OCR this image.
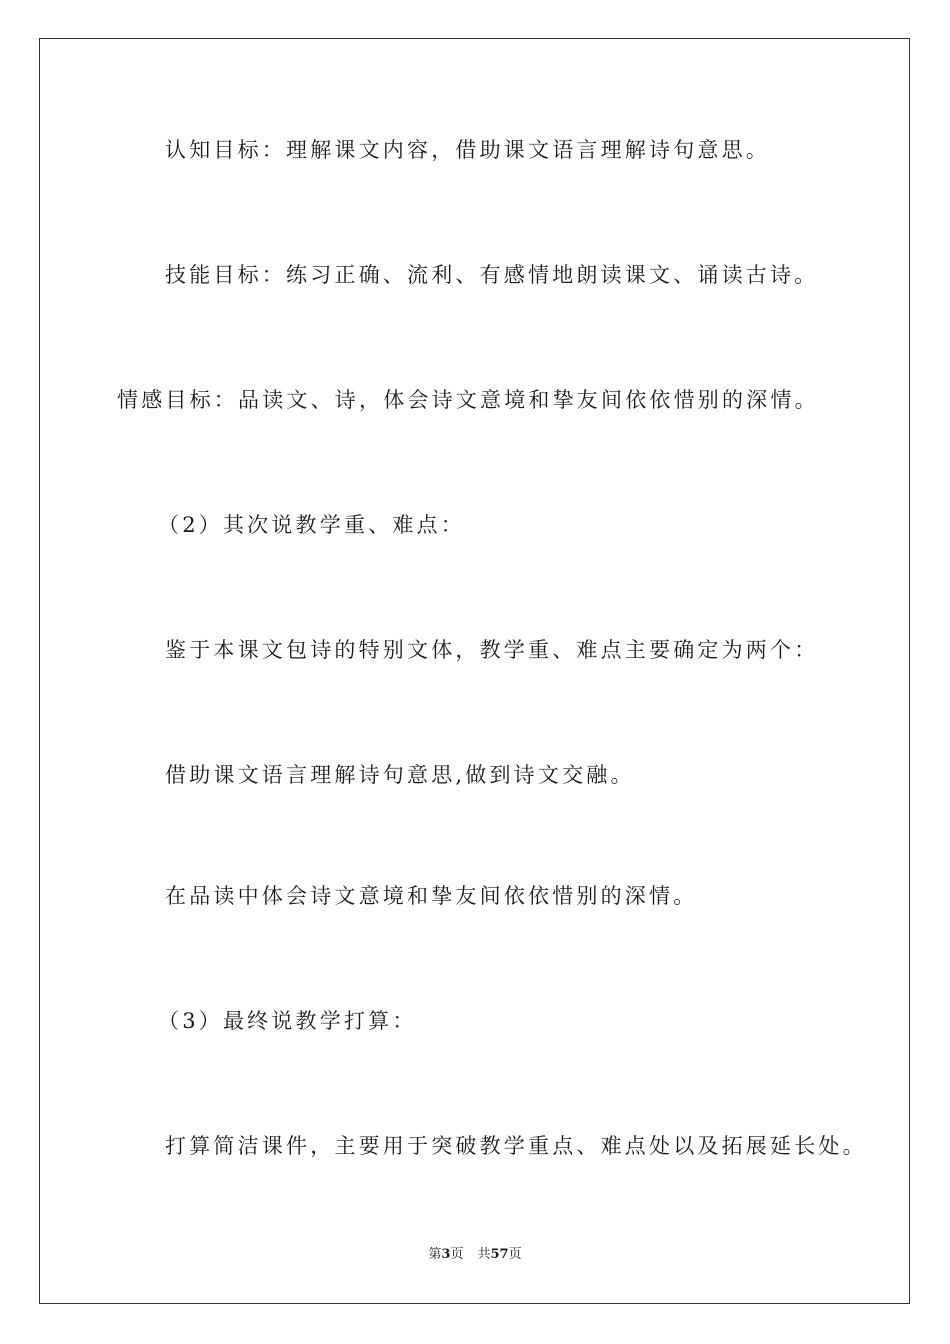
认知目标：理解课文内容，借助课文语言理解诗句意思。
技能目标：练习正确、流利、有感情地朗读课文、诵读古诗。
情感目标：品读文、诗，体会诗文意境和挚友间依依惜别的深情。
（2）其次说教学重、难点：
鉴于本课文包诗的特别文体，教学重、难点主要确定为两个：
借助课文语言理解诗句意思,做到诗文交融。
在品读中体会诗文意境和挚友间依依惜别的深情。
（3）最终说教学打算：
打算简洁课件，主要用于突破教学重点、难点处以及拓展延长处。
第3页 共57页
